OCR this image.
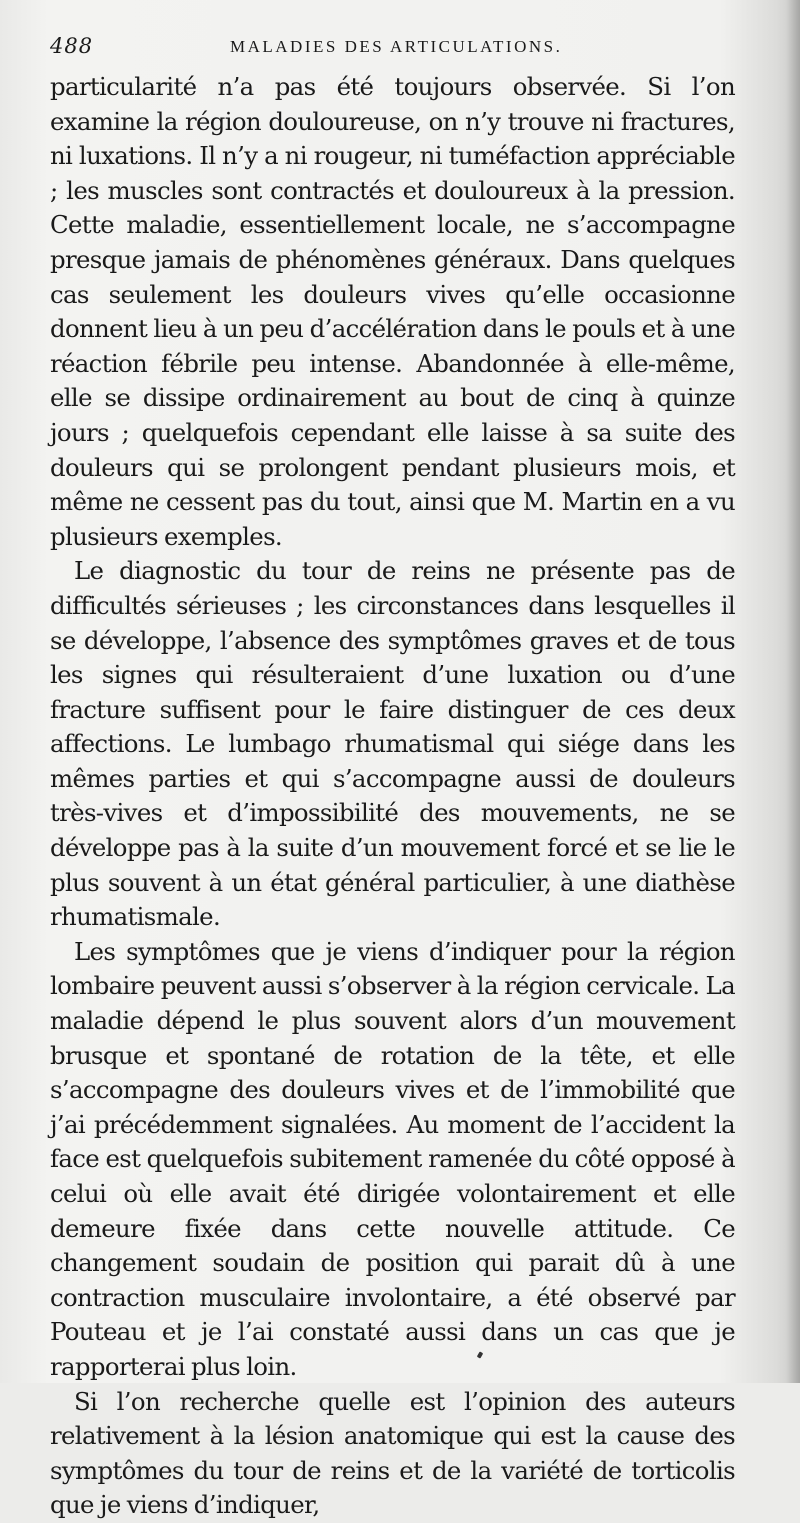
488	MALADIES DES ARTICULATIONS.

particularité n’a pas été toujours observée. Si l’on examine la région douloureuse, on n’y trouve ni fractures, ni luxations. Il n’y a ni rougeur, ni tuméfaction appréciable ; les muscles sont contractés et douloureux à la pression. Cette maladie, essentiellement locale, ne s’accompagne presque jamais de phénomènes généraux. Dans quelques cas seulement les douleurs vives qu’elle occasionne donnent lieu à un peu d’accélération dans le pouls et à une réaction fébrile peu intense. Abandonnée à elle-même, elle se dissipe ordinairement au bout de cinq à quinze jours ; quelquefois cependant elle laisse à sa suite des douleurs qui se prolongent pendant plusieurs mois, et même ne cessent pas du tout, ainsi que M. Martin en a vu plusieurs exemples.

Le diagnostic du tour de reins ne présente pas de difficultés sérieuses ; les circonstances dans lesquelles il se développe, l’absence des symptômes graves et de tous les signes qui résulteraient d’une luxation ou d’une fracture suffisent pour le faire distinguer de ces deux affections. Le lumbago rhumatismal qui siége dans les mêmes parties et qui s’accompagne aussi de douleurs très-vives et d’impossibilité des mouvements, ne se développe pas à la suite d’un mouvement forcé et se lie le plus souvent à un état général particulier, à une diathèse rhumatismale.

Les symptômes que je viens d’indiquer pour la région lombaire peuvent aussi s’observer à la région cervicale. La maladie dépend le plus souvent alors d’un mouvement brusque et spontané de rotation de la tête, et elle s’accompagne des douleurs vives et de l’immobilité que j’ai précédemment signalées. Au moment de l’accident la face est quelquefois subitement ramenée du côté opposé à celui où elle avait été dirigée volontairement et elle demeure fixée dans cette nouvelle attitude. Ce changement soudain de position qui parait dû à une contraction musculaire involontaire, a été observé par Pouteau et je l’ai constaté aussi dans un cas que je rapporterai plus loin.

Si l’on recherche quelle est l’opinion des auteurs relativement à la lésion anatomique qui est la cause des symptômes du tour de reins et de la variété de torticolis que je viens d’indiquer,
